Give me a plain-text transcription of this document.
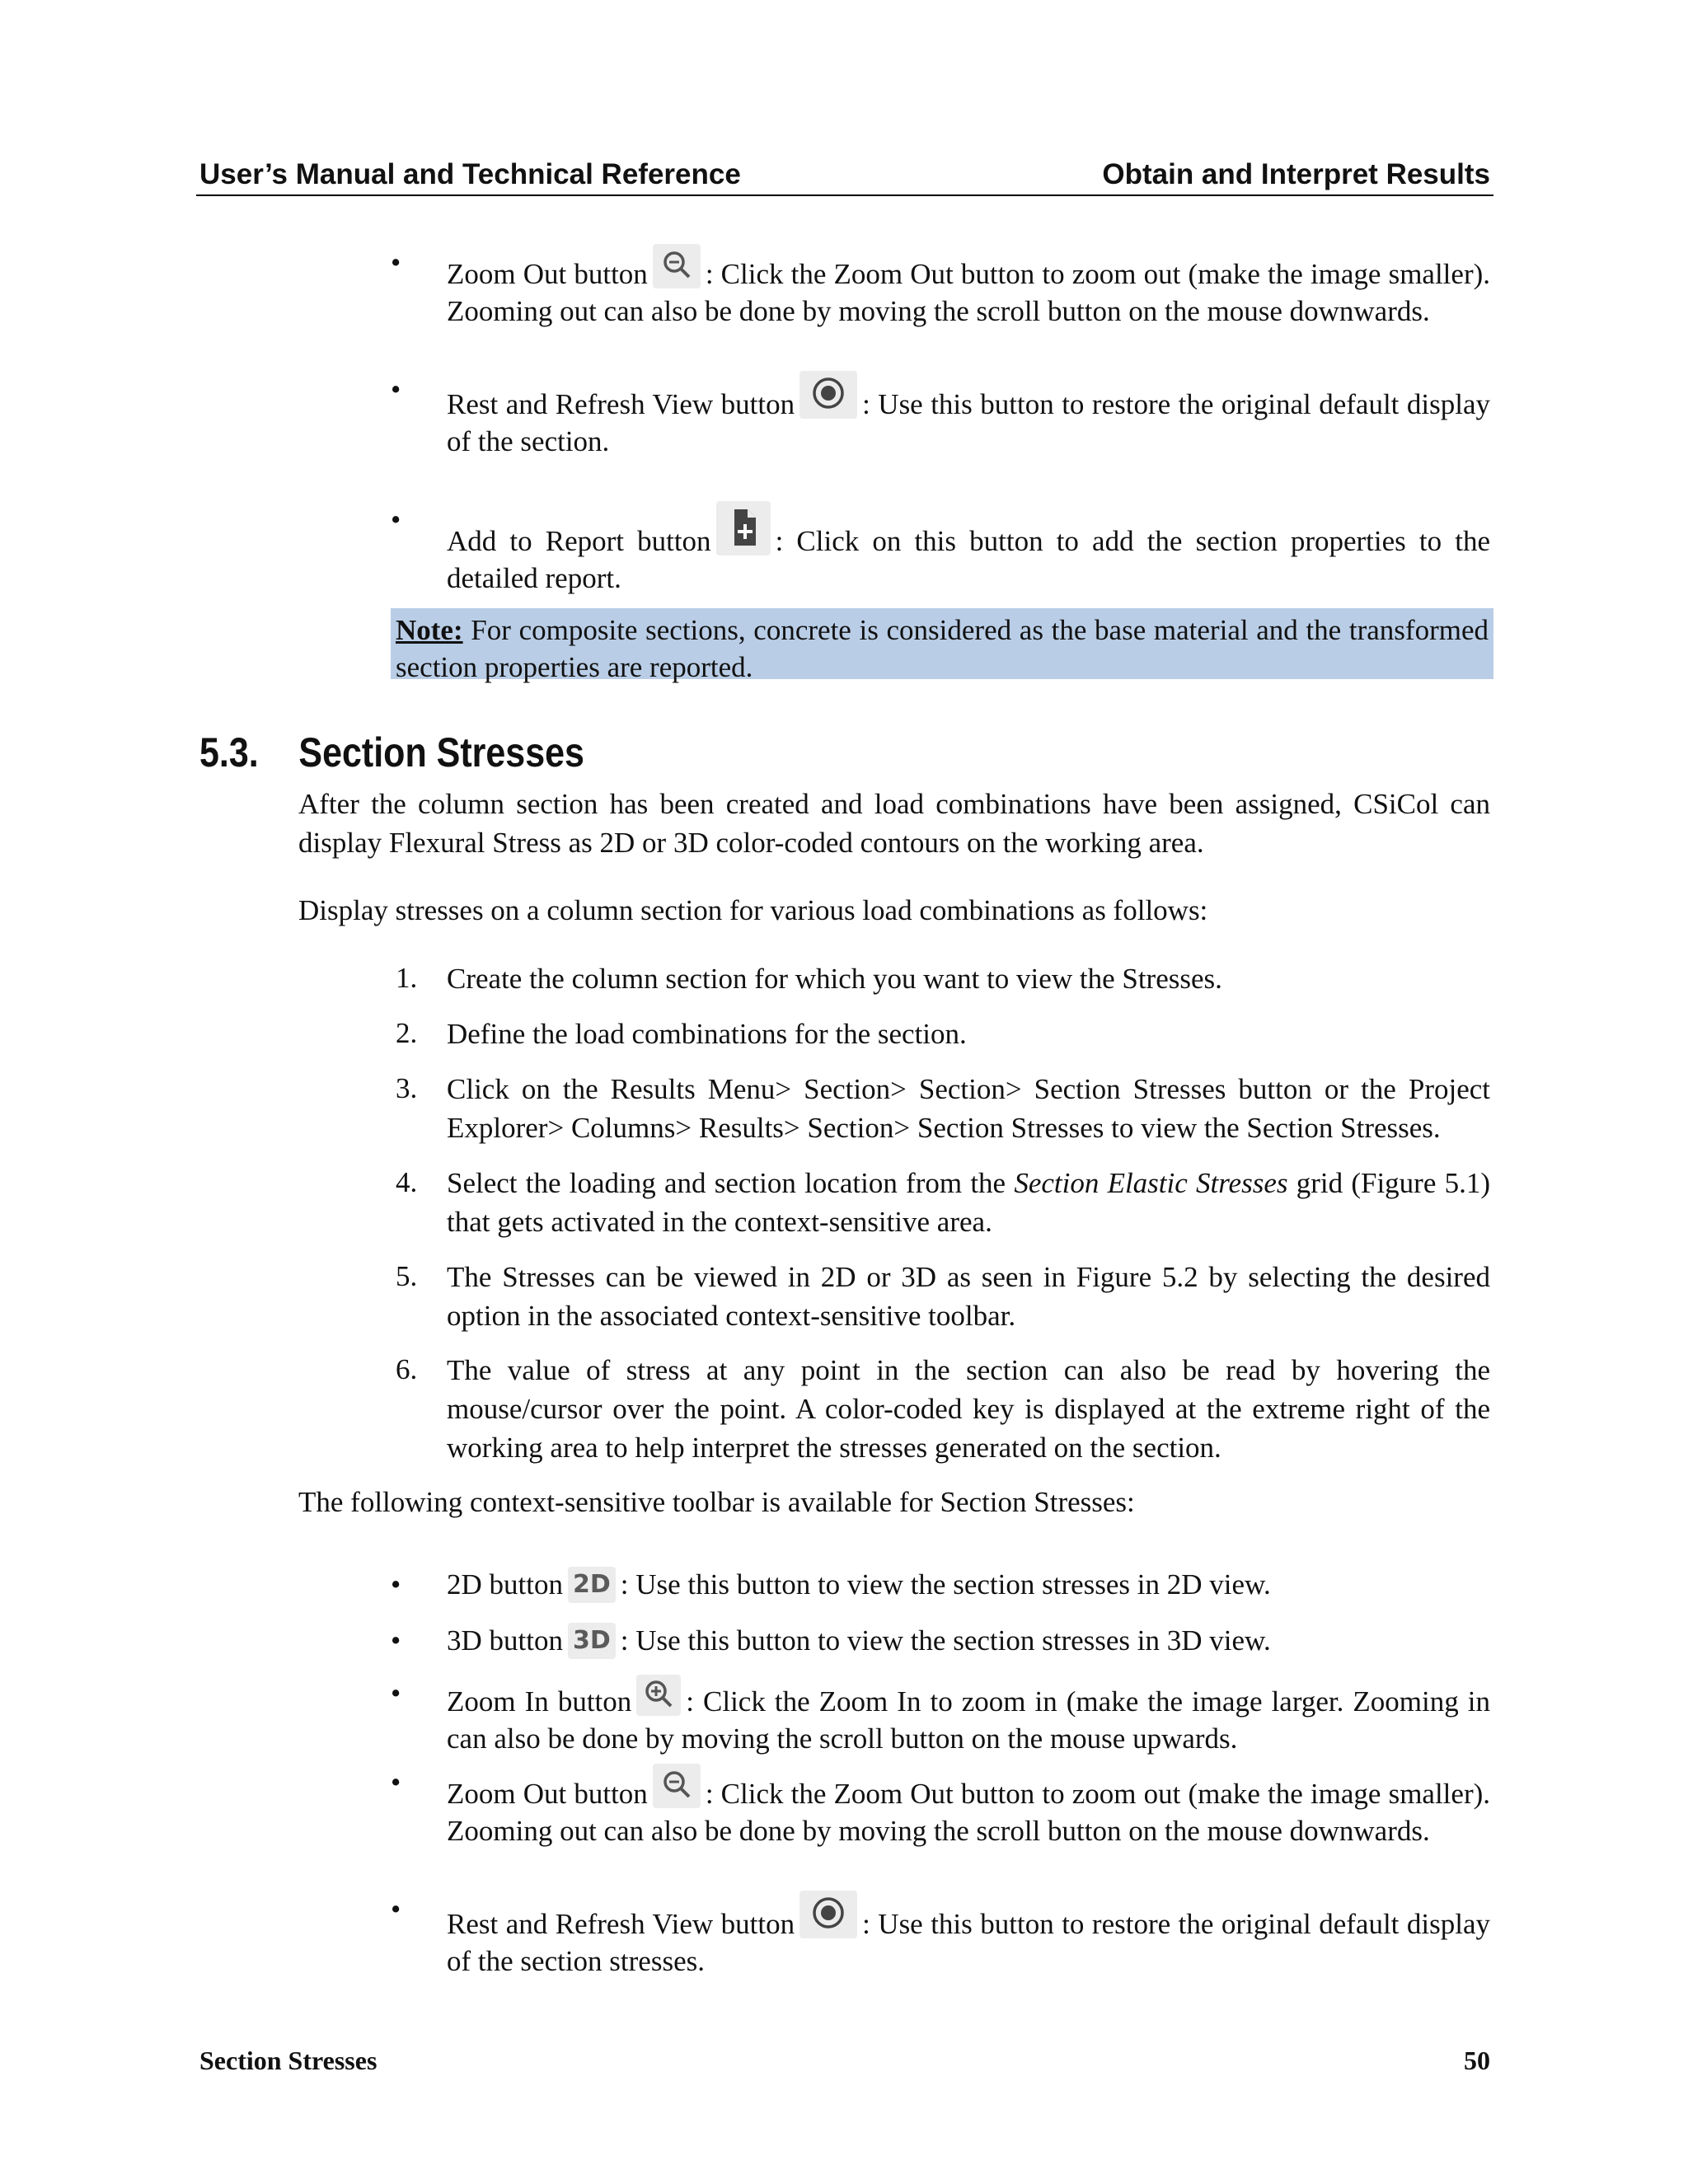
User’s Manual and Technical Reference	Obtain and Interpret Results
•	Zoom Out button : Click the Zoom Out button to zoom out (make the image smaller). Zooming out can also be done by moving the scroll button on the mouse downwards.
•	Rest and Refresh View button : Use this button to restore the original default display of the section.
•
Add to Report button : Click on this button to add the section properties to the detailed report.
Note: For composite sections, concrete is considered as the base material and the transformed section properties are reported.
5.3. Section Stresses
After the column section has been created and load combinations have been assigned, CSiCol can display Flexural Stress as 2D or 3D color-coded contours on the working area.
Display stresses on a column section for various load combinations as follows:
1. Create the column section for which you want to view the Stresses.
2. Define the load combinations for the section.
3. Click on the Results Menu> Section> Section> Section Stresses button or the Project Explorer> Columns> Results> Section> Section Stresses to view the Section Stresses.
4. Select the loading and section location from the Section Elastic Stresses grid (Figure 5.1) that gets activated in the context-sensitive area.
5. The Stresses can be viewed in 2D or 3D as seen in Figure 5.2 by selecting the desired option in the associated context-sensitive toolbar.
6. The value of stress at any point in the section can also be read by hovering the mouse/cursor over the point. A color-coded key is displayed at the extreme right of the working area to help interpret the stresses generated on the section.
The following context-sensitive toolbar is available for Section Stresses:
•	2D button 2D : Use this button to view the section stresses in 2D view.
•	3D button 3D : Use this button to view the section stresses in 3D view.
•	Zoom In button : Click the Zoom In to zoom in (make the image larger. Zooming in can also be done by moving the scroll button on the mouse upwards.
•	Zoom Out button : Click the Zoom Out button to zoom out (make the image smaller). Zooming out can also be done by moving the scroll button on the mouse downwards.
•	Rest and Refresh View button : Use this button to restore the original default display of the section stresses.
Section Stresses	50
